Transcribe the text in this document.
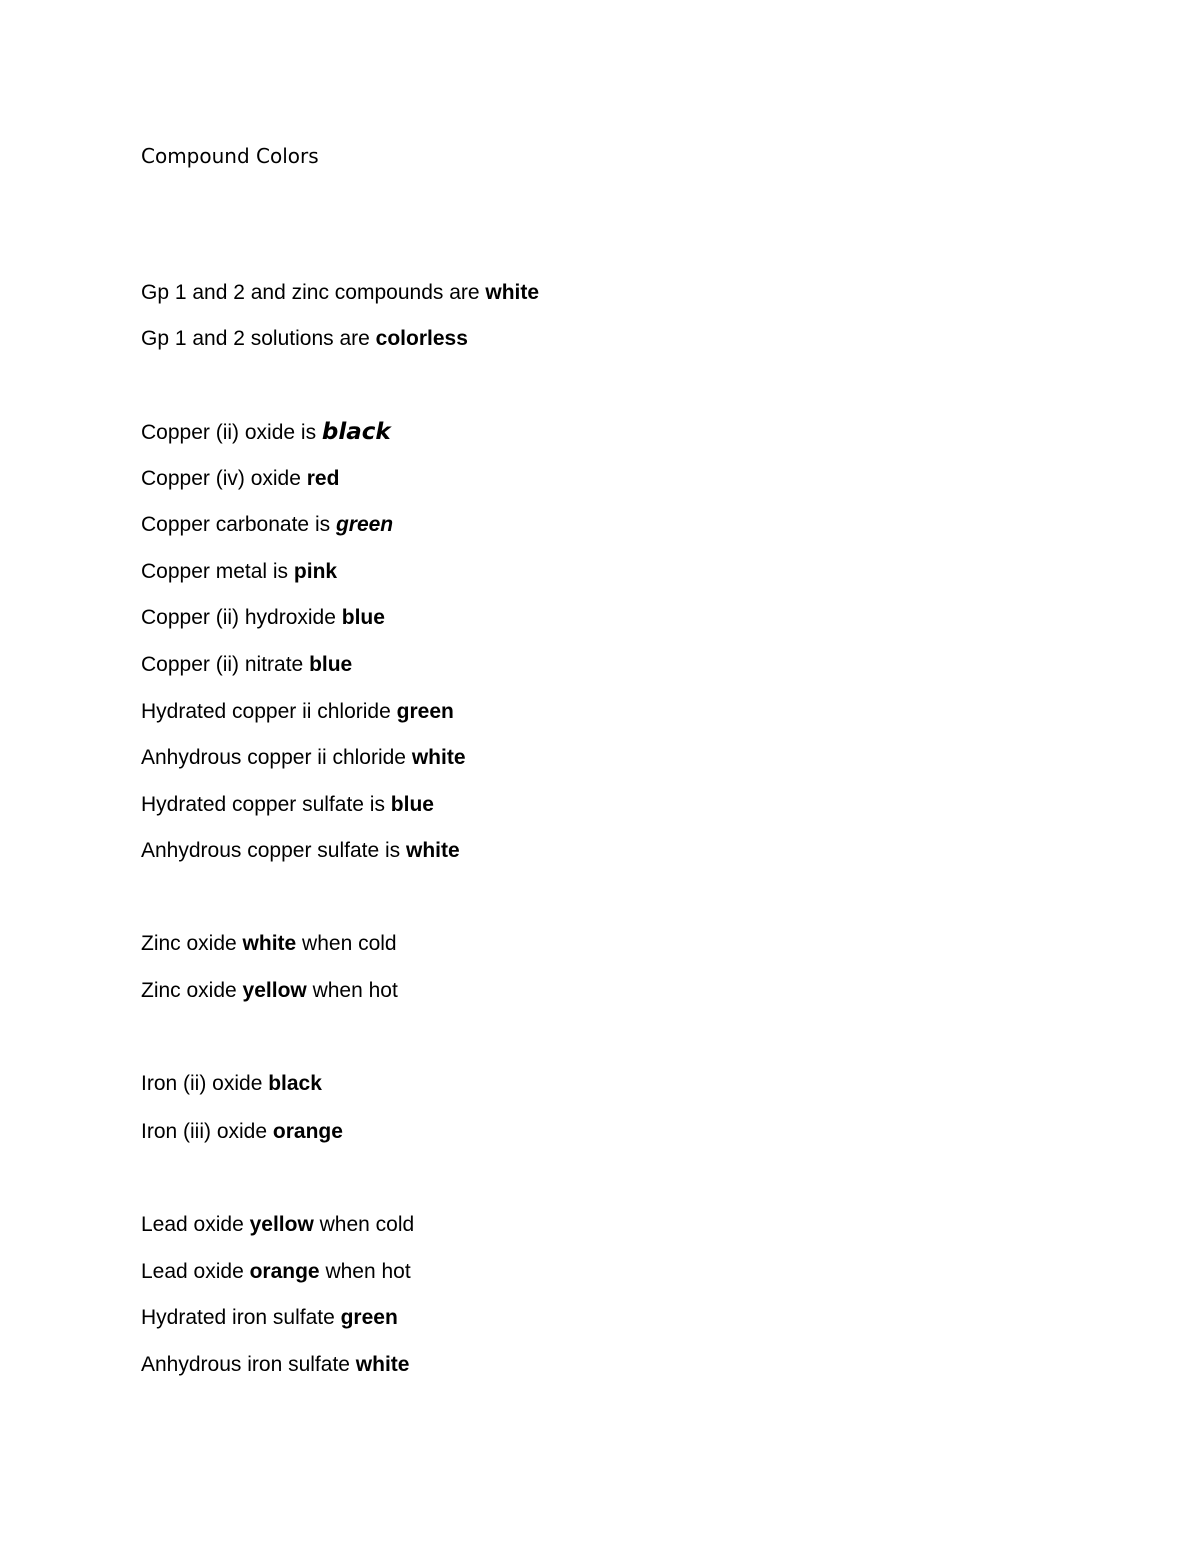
Compound Colors
Gp 1 and 2 and zinc compounds are white
Gp 1 and 2 solutions are colorless
Copper (ii) oxide is black
Copper (iv) oxide red
Copper carbonate is green
Copper metal is pink
Copper (ii) hydroxide blue
Copper (ii) nitrate blue
Hydrated copper ii chloride green
Anhydrous copper ii chloride white
Hydrated copper sulfate is blue
Anhydrous copper sulfate is white
Zinc oxide white when cold
Zinc oxide yellow when hot
Iron (ii) oxide black
Iron (iii) oxide orange
Lead oxide yellow when cold
Lead oxide orange when hot
Hydrated iron sulfate green
Anhydrous iron sulfate white
